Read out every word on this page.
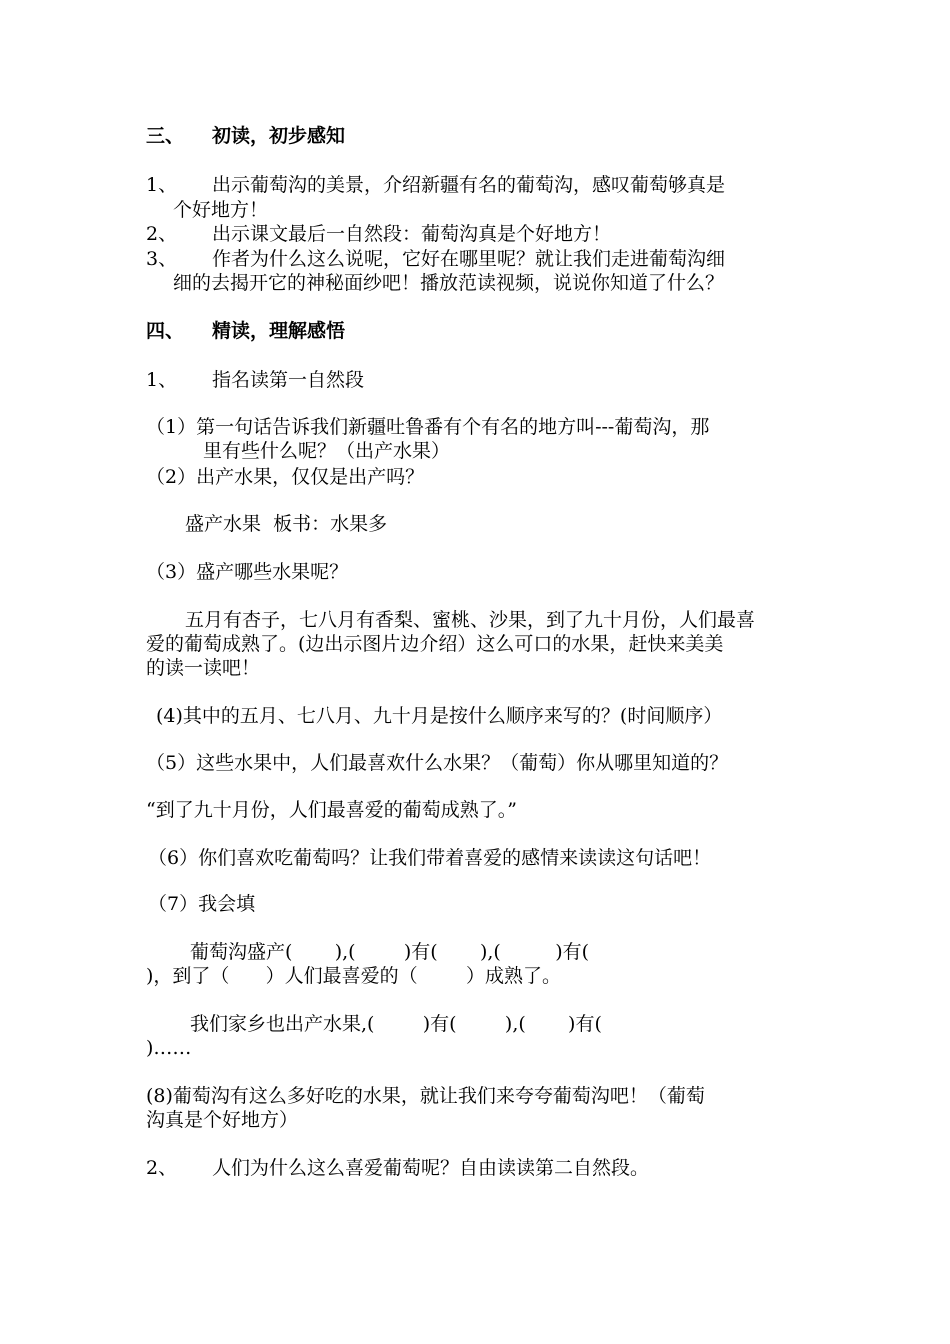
三、 初读，初步感知
1、 出示葡萄沟的美景，介绍新疆有名的葡萄沟，感叹葡萄够真是
个好地方！
2、 出示课文最后一自然段：葡萄沟真是个好地方！
3、 作者为什么这么说呢，它好在哪里呢？就让我们走进葡萄沟细
细的去揭开它的神秘面纱吧！播放范读视频，说说你知道了什么？
四、 精读，理解感悟
1、 指名读第一自然段
（1）第一句话告诉我们新疆吐鲁番有个有名的地方叫---葡萄沟，那
里有些什么呢？（出产水果）
（2）出产水果，仅仅是出产吗？
盛产水果  板书：水果多
（3）盛产哪些水果呢？
五月有杏子，七八月有香梨、蜜桃、沙果，到了九十月份，人们最喜
爱的葡萄成熟了。(边出示图片边介绍）这么可口的水果，赶快来美美
的读一读吧！
(4)其中的五月、七八月、九十月是按什么顺序来写的？(时间顺序）
（5）这些水果中，人们最喜欢什么水果？（葡萄）你从哪里知道的？
“到了九十月份，人们最喜爱的葡萄成熟了。”
（6）你们喜欢吃葡萄吗？让我们带着喜爱的感情来读读这句话吧！
（7）我会填
葡萄沟盛产(       ),(        )有(       ),(         )有(
)，到了（      ）人们最喜爱的（        ）成熟了。
我们家乡也出产水果,(        )有(        ),(       )有(
)……
(8)葡萄沟有这么多好吃的水果，就让我们来夸夸葡萄沟吧！（葡萄
沟真是个好地方）
2、 人们为什么这么喜爱葡萄呢？自由读读第二自然段。
